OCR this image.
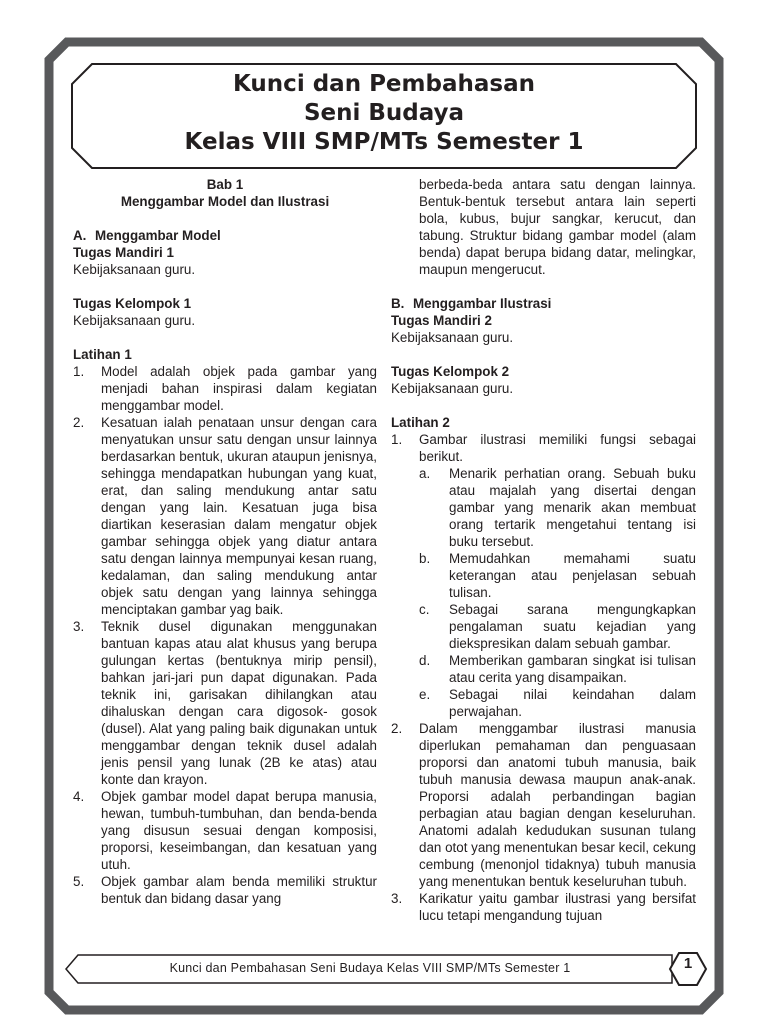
Kunci dan Pembahasan
Seni Budaya
Kelas VIII SMP/MTs Semester 1
Bab 1
Menggambar Model dan Ilustrasi
A. Menggambar Model
Tugas Mandiri 1
Kebijaksanaan guru.
Tugas Kelompok 1
Kebijaksanaan guru.
Latihan 1
1.	Model adalah objek pada gambar yang menjadi bahan inspirasi dalam kegiatan menggambar model.
2.	Kesatuan ialah penataan unsur dengan cara menyatukan unsur satu dengan unsur lainnya berdasarkan bentuk, ukuran ataupun jenisnya, sehingga mendapatkan hubungan yang kuat, erat, dan saling mendukung antar satu dengan yang lain. Kesatuan juga bisa diartikan keserasian dalam mengatur objek gambar sehingga objek yang diatur antara satu dengan lainnya mempunyai kesan ruang, kedalaman, dan saling mendukung antar objek satu dengan yang lainnya sehingga menciptakan gambar yag baik.
3.	Teknik dusel digunakan menggunakan bantuan kapas atau alat khusus yang berupa gulungan kertas (bentuknya mirip pensil), bahkan jari-jari pun dapat digunakan. Pada teknik ini, garisakan dihilangkan atau dihaluskan dengan cara digosok- gosok (dusel). Alat yang paling baik digunakan untuk menggambar dengan teknik dusel adalah jenis pensil yang lunak (2B ke atas) atau konte dan krayon.
4.	Objek gambar model dapat berupa manusia, hewan, tumbuh-tumbuhan, dan benda-benda yang disusun sesuai dengan komposisi, proporsi, keseimbangan, dan kesatuan yang utuh.
5.	Objek gambar alam benda memiliki struktur bentuk dan bidang dasar yang
berbeda-beda antara satu dengan lainnya. Bentuk-bentuk tersebut antara lain seperti bola, kubus, bujur sangkar, kerucut, dan tabung. Struktur bidang gambar model (alam benda) dapat berupa bidang datar, melingkar, maupun mengerucut.
B. Menggambar Ilustrasi
Tugas Mandiri 2
Kebijaksanaan guru.
Tugas Kelompok 2
Kebijaksanaan guru.
Latihan 2
1.	Gambar ilustrasi memiliki fungsi sebagai berikut.
a.	Menarik perhatian orang. Sebuah buku atau majalah yang disertai dengan gambar yang menarik akan membuat orang tertarik mengetahui tentang isi buku tersebut.
b.	Memudahkan memahami suatu keterangan atau penjelasan sebuah tulisan.
c.	Sebagai sarana mengungkapkan pengalaman suatu kejadian yang diekspresikan dalam sebuah gambar.
d.	Memberikan gambaran singkat isi tulisan atau cerita yang disampaikan.
e.	Sebagai nilai keindahan dalam perwajahan.
2.	Dalam menggambar ilustrasi manusia diperlukan pemahaman dan penguasaan proporsi dan anatomi tubuh manusia, baik tubuh manusia dewasa maupun anak-anak. Proporsi adalah perbandingan bagian perbagian atau bagian dengan keseluruhan. Anatomi adalah kedudukan susunan tulang dan otot yang menentukan besar kecil, cekung cembung (menonjol tidaknya) tubuh manusia yang menentukan bentuk keseluruhan tubuh.
3.	Karikatur yaitu gambar ilustrasi yang bersifat lucu tetapi mengandung tujuan
Kunci dan Pembahasan Seni Budaya Kelas VIII SMP/MTs Semester 1	1
